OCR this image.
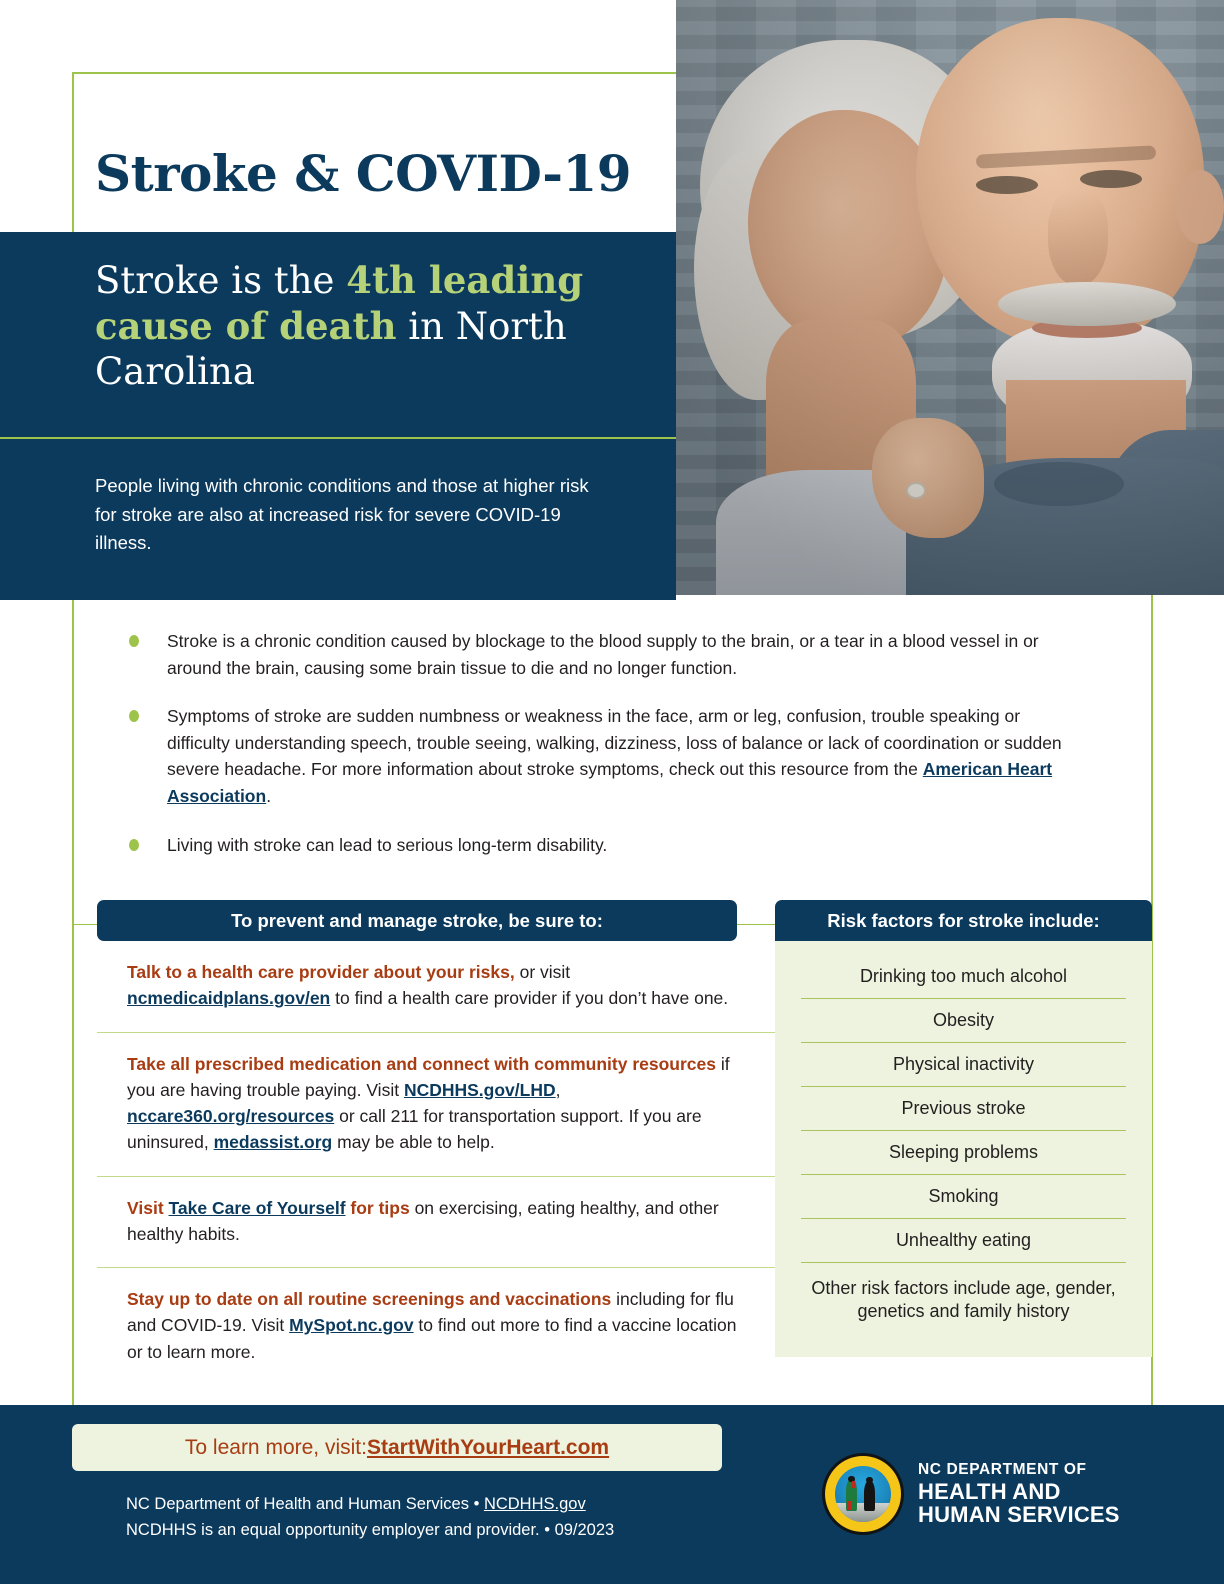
Stroke & COVID-19
Stroke is the 4th leading cause of death in North Carolina
People living with chronic conditions and those at higher risk for stroke are also at increased risk for severe COVID-19 illness.
Stroke is a chronic condition caused by blockage to the blood supply to the brain, or a tear in a blood vessel in or around the brain, causing some brain tissue to die and no longer function.
Symptoms of stroke are sudden numbness or weakness in the face, arm or leg, confusion, trouble speaking or difficulty understanding speech, trouble seeing, walking, dizziness, loss of balance or lack of coordination or sudden severe headache. For more information about stroke symptoms, check out this resource from the American Heart Association.
Living with stroke can lead to serious long-term disability.
To prevent and manage stroke, be sure to:
Talk to a health care provider about your risks, or visit ncmedicaidplans.gov/en to find a health care provider if you don’t have one.
Take all prescribed medication and connect with community resources if you are having trouble paying. Visit NCDHHS.gov/LHD, nccare360.org/resources or call 211 for transportation support. If you are uninsured, medassist.org may be able to help.
Visit Take Care of Yourself for tips on exercising, eating healthy, and other healthy habits.
Stay up to date on all routine screenings and vaccinations including for flu and COVID-19. Visit MySpot.nc.gov to find out more to find a vaccine location or to learn more.
Risk factors for stroke include:
Drinking too much alcohol
Obesity
Physical inactivity
Previous stroke
Sleeping problems
Smoking
Unhealthy eating
Other risk factors include age, gender, genetics and family history
To learn more, visit: StartWithYourHeart.com
NC Department of Health and Human Services • NCDHHS.gov
NCDHHS is an equal opportunity employer and provider. • 09/2023
NC DEPARTMENT OF
HEALTH AND
HUMAN SERVICES
